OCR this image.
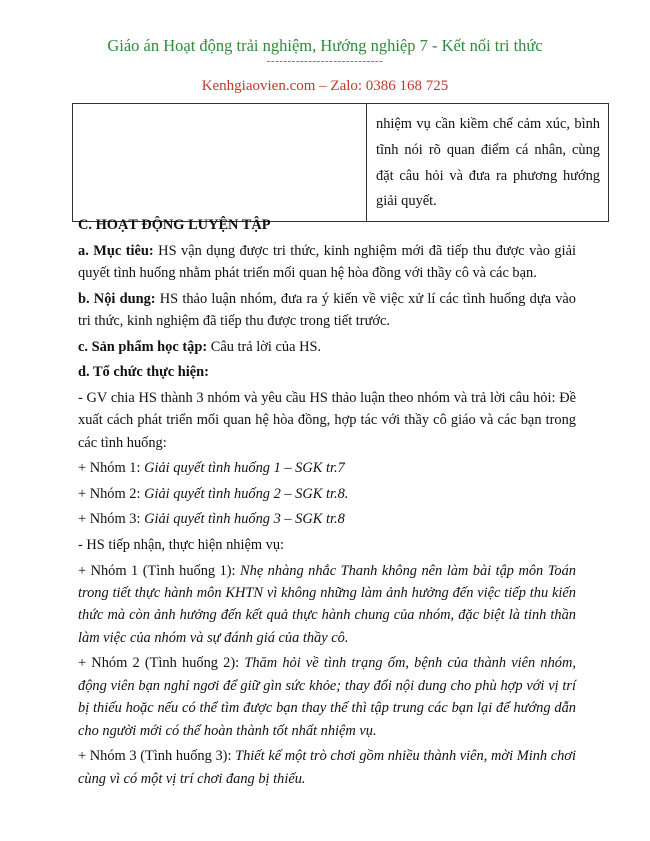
Giáo án Hoạt động trải nghiệm, Hướng nghiệp 7 - Kết nối tri thức
----------------------------
Kenhgiaovien.com – Zalo: 0386 168 725
	nhiệm vụ cần kiềm chế cảm xúc, bình tĩnh nói rõ quan điểm cá nhân, cùng đặt câu hỏi và đưa ra phương hướng giải quyết.

C. HOẠT ĐỘNG LUYỆN TẬP

a. Mục tiêu: HS vận dụng được tri thức, kinh nghiệm mới đã tiếp thu được vào giải quyết tình huống nhằm phát triển mối quan hệ hòa đồng với thầy cô và các bạn.

b. Nội dung: HS thảo luận nhóm, đưa ra ý kiến về việc xử lí các tình huống dựa vào tri thức, kinh nghiệm đã tiếp thu được trong tiết trước.

c. Sản phẩm học tập: Câu trả lời của HS.

d. Tổ chức thực hiện:

- GV chia HS thành 3 nhóm và yêu cầu HS thảo luận theo nhóm và trả lời câu hỏi: Đề xuất cách phát triển mối quan hệ hòa đồng, hợp tác với thầy cô giáo và các bạn trong các tình huống:

+ Nhóm 1: Giải quyết tình huống 1 – SGK tr.7

+ Nhóm 2: Giải quyết tình huống 2 – SGK tr.8.

+ Nhóm 3: Giải quyết tình huống 3 – SGK tr.8

- HS tiếp nhận, thực hiện nhiệm vụ:

+ Nhóm 1 (Tình huống 1): Nhẹ nhàng nhắc Thanh không nên làm bài tập môn Toán trong tiết thực hành môn KHTN vì không những làm ảnh hưởng đến việc tiếp thu kiến thức mà còn ảnh hưởng đến kết quả thực hành chung của nhóm, đặc biệt là tinh thần làm việc của nhóm và sự đánh giá của thầy cô.

+ Nhóm 2 (Tình huống 2): Thăm hỏi về tình trạng ốm, bệnh của thành viên nhóm, động viên bạn nghỉ ngơi để giữ gìn sức khỏe; thay đổi nội dung cho phù hợp với vị trí bị thiếu hoặc nếu có thể tìm được bạn thay thế thì tập trung các bạn lại để hướng dẫn cho người mới có thể hoàn thành tốt nhất nhiệm vụ.

+ Nhóm 3 (Tình huống 3): Thiết kế một trò chơi gồm nhiều thành viên, mời Minh chơi cùng vì có một vị trí chơi đang bị thiếu.
